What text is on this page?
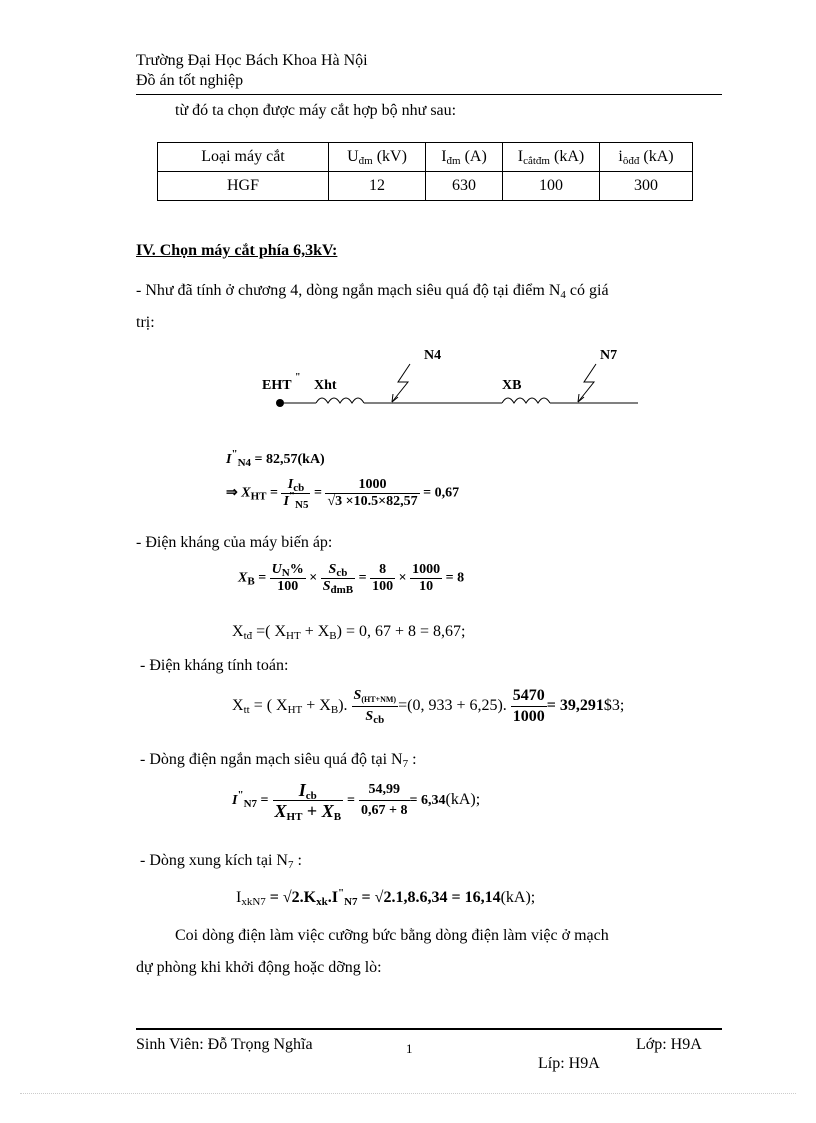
Trường Đại Học Bách Khoa Hà Nội
Đồ án tốt nghiệp
từ đó ta chọn được máy cắt hợp bộ như sau:
Loại máy cắt	$U_{đm}$ (kV)	$I_{đm}$ (A)	$I_{cắtđm}$ (kA)	$i_{ôđđ}$ (kA)
HGF	12	630	100	300
IV. Chọn máy cắt phía 6,3kV:
- Như đã tính ở chương 4, dòng ngắn mạch siêu quá độ tại điểm $N_4$ có giá
trị:
EHT
"
Xht
N4
XB
N7
$I^"_{N4} = 82,57(kA)$
⇒ $X_{HT} = \frac{I_{cb}}{I^"_{N5}} = \frac{1000}{√3 \times 10.5\times 82,57} = 0,67$
- Điện kháng của máy biến áp:
$X_B = \frac{U_N\%}{100} \times \frac{S_{cb}}{S_{đmB}} = \frac{8}{100} \times \frac{1000}{10} = 8$
$X_{tđ}$ =( $X_{HT} + X_B) = 0$, 67 + 8 = 8,67;
- Điện kháng tính toán:
$X_{tt}$ = ( $X_{HT} + X_B$). $\frac{S_{(HT+NM)}}{S_{cb}} =(0$, 933 + 6,25). $\frac{5470}{1000}$ = 39,291$3;
- Dòng điện ngắn mạch siêu quá độ tại $N_7$ :
$I^"_{N7} = \frac{I_{cb}}{X_{HT} + X_B} = \frac{54,99}{0,67 + 8} = 6,34(kA)$;
- Dòng xung kích tại $N_7$ :
$I_{xkN7} = √2.K_{xk}.I^"_{N7} = √2.1,8.6,34 = 16,14(kA)$;
Coi dòng điện làm việc cưỡng bức bằng dòng điện làm việc ở mạch
dự phòng khi khởi động hoặc dỡng lò:
Sinh Viên: Đỗ Trọng Nghĩa	1	Lớp: H9A
Líp: H9A
